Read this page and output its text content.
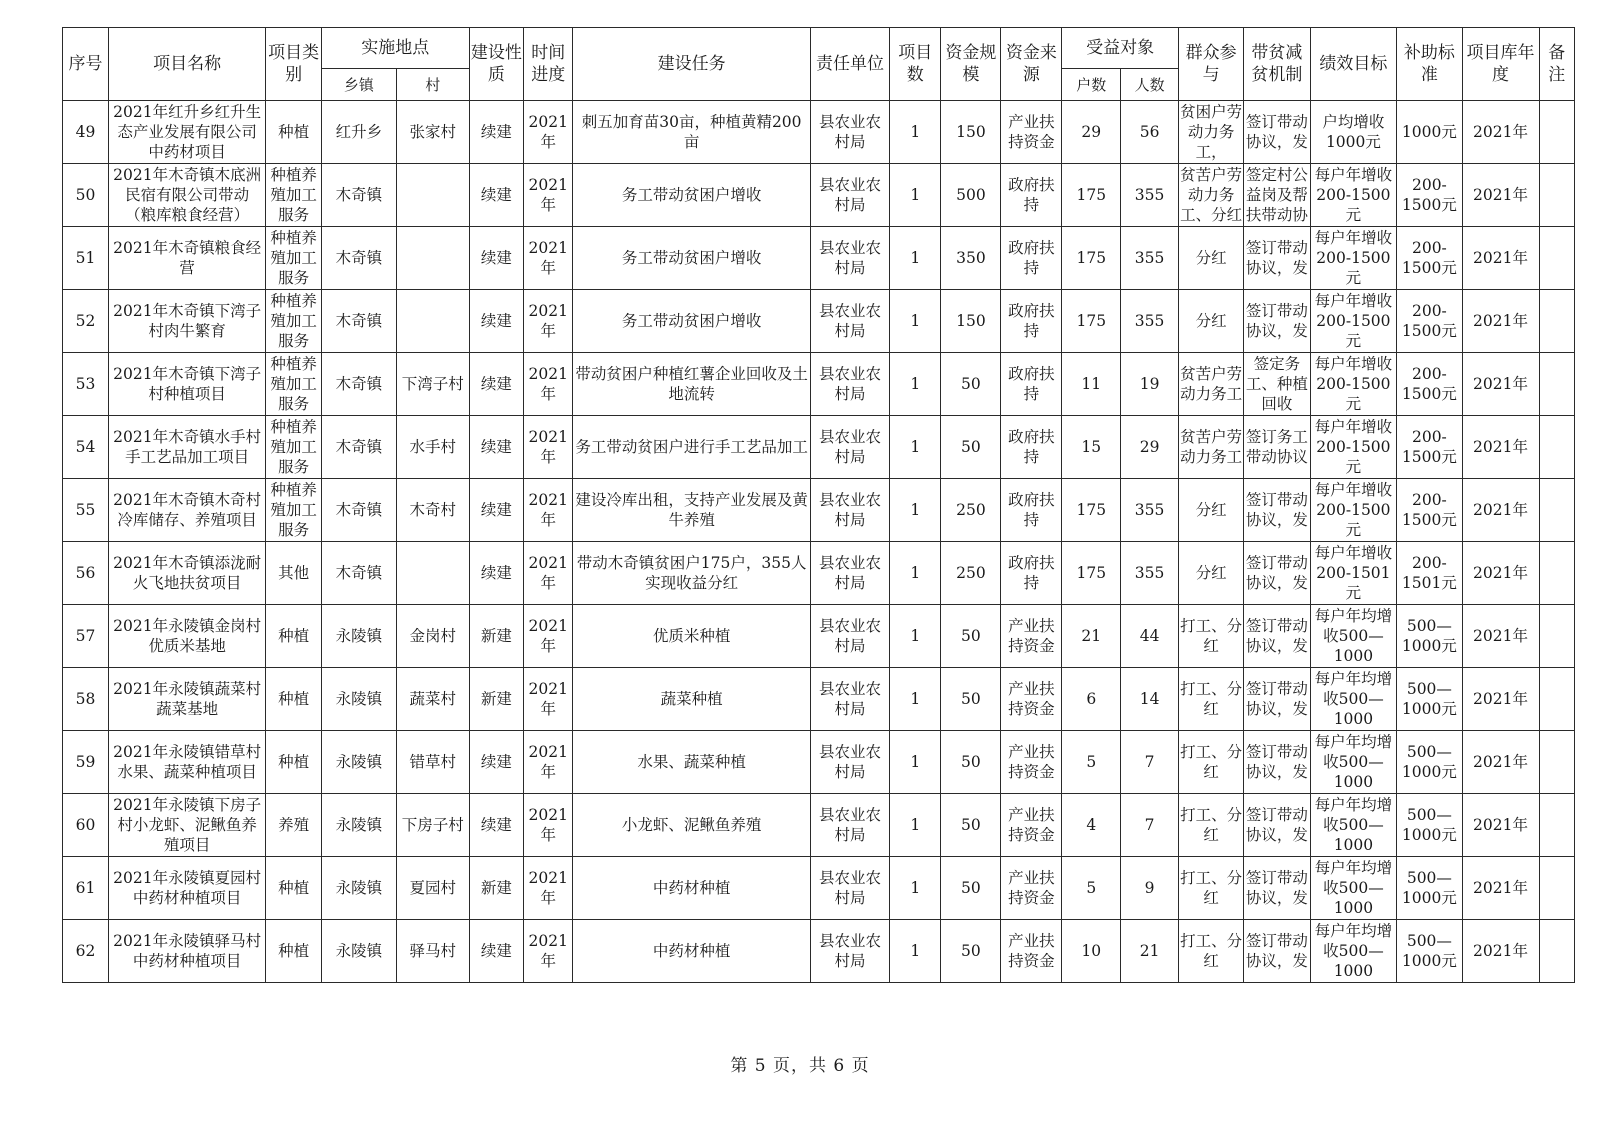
序号	项目名称	项目类别	实施地点		建设性质	时间进度	建设任务	责任单位	项目数	资金规模	资金来源	受益对象		群众参与	带贫减贫机制	绩效目标	补助标准	项目库年度	备注
			乡镇	村								户数	人数						

49	2021年红升乡红升生态产业发展有限公司中药材项目	种植	红升乡	张家村	续建	2021年	刺五加育苗30亩，种植黄精200亩	县农业农村局	1	150	产业扶持资金	29	56	贫困户劳动力务工，	签订带动协议，发	户均增收1000元	1000元	2021年	

50	2021年木奇镇木底洲民宿有限公司带动（粮库粮食经营）	种植养殖加工服务	木奇镇		续建	2021年	务工带动贫困户增收	县农业农村局	1	500	政府扶持	175	355	贫苦户劳动力务工、分红	签定村公益岗及帮扶带动协	每户年增收200-1500元	200-1500元	2021年	

51	2021年木奇镇粮食经营	种植养殖加工服务	木奇镇		续建	2021年	务工带动贫困户增收	县农业农村局	1	350	政府扶持	175	355	分红	签订带动协议，发	每户年增收200-1500元	200-1500元	2021年	

52	2021年木奇镇下湾子村肉牛繁育	种植养殖加工服务	木奇镇		续建	2021年	务工带动贫困户增收	县农业农村局	1	150	政府扶持	175	355	分红	签订带动协议，发	每户年增收200-1500元	200-1500元	2021年	

53	2021年木奇镇下湾子村种植项目	种植养殖加工服务	木奇镇	下湾子村	续建	2021年	带动贫困户种植红薯企业回收及土地流转	县农业农村局	1	50	政府扶持	11	19	贫苦户劳动力务工	签定务工、种植回收	每户年增收200-1500元	200-1500元	2021年	

54	2021年木奇镇水手村手工艺品加工项目	种植养殖加工服务	木奇镇	水手村	续建	2021年	务工带动贫困户进行手工艺品加工	县农业农村局	1	50	政府扶持	15	29	贫苦户劳动力务工	签订务工带动协议	每户年增收200-1500元	200-1500元	2021年	

55	2021年木奇镇木奇村冷库储存、养殖项目	种植养殖加工服务	木奇镇	木奇村	续建	2021年	建设冷库出租，支持产业发展及黄牛养殖	县农业农村局	1	250	政府扶持	175	355	分红	签订带动协议，发	每户年增收200-1500元	200-1500元	2021年	

56	2021年木奇镇添泷耐火飞地扶贫项目	其他	木奇镇		续建	2021年	带动木奇镇贫困户175户，355人实现收益分红	县农业农村局	1	250	政府扶持	175	355	分红	签订带动协议，发	每户年增收200-1501元	200-1501元	2021年	

57	2021年永陵镇金岗村优质米基地	种植	永陵镇	金岗村	新建	2021年	优质米种植	县农业农村局	1	50	产业扶持资金	21	44	打工、分红	签订带动协议，发	每户年均增收500—1000	500—1000元	2021年	

58	2021年永陵镇蔬菜村蔬菜基地	种植	永陵镇	蔬菜村	新建	2021年	蔬菜种植	县农业农村局	1	50	产业扶持资金	6	14	打工、分红	签订带动协议，发	每户年均增收500—1000	500—1000元	2021年	

59	2021年永陵镇错草村水果、蔬菜种植项目	种植	永陵镇	错草村	续建	2021年	水果、蔬菜种植	县农业农村局	1	50	产业扶持资金	5	7	打工、分红	签订带动协议，发	每户年均增收500—1000	500—1000元	2021年	

60	2021年永陵镇下房子村小龙虾、泥鳅鱼养殖项目	养殖	永陵镇	下房子村	续建	2021年	小龙虾、泥鳅鱼养殖	县农业农村局	1	50	产业扶持资金	4	7	打工、分红	签订带动协议，发	每户年均增收500—1000	500—1000元	2021年	

61	2021年永陵镇夏园村中药材种植项目	种植	永陵镇	夏园村	新建	2021年	中药材种植	县农业农村局	1	50	产业扶持资金	5	9	打工、分红	签订带动协议，发	每户年均增收500—1000	500—1000元	2021年	

62	2021年永陵镇驿马村中药材种植项目	种植	永陵镇	驿马村	续建	2021年	中药材种植	县农业农村局	1	50	产业扶持资金	10	21	打工、分红	签订带动协议，发	每户年均增收500—1000	500—1000元	2021年	

第 5 页，共 6 页
